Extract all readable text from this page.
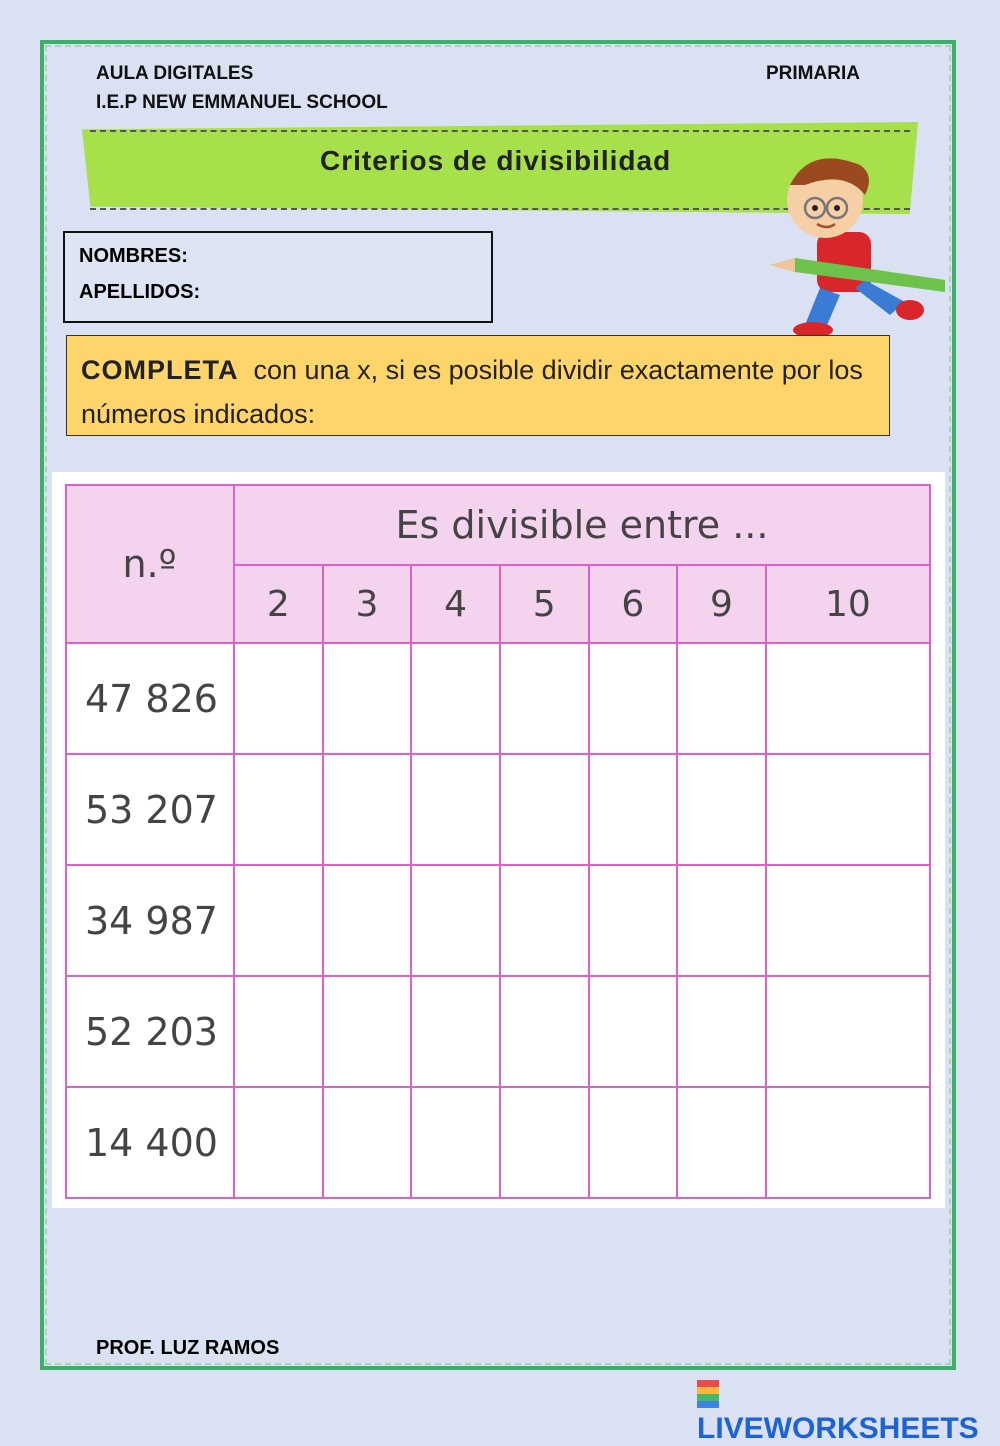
AULA DIGITALES
I.E.P NEW EMMANUEL SCHOOL
PRIMARIA
Criterios de divisibilidad
NOMBRES:
APELLIDOS:
COMPLETA con una x, si es posible dividir exactamente por los números indicados:
n.º	Es divisible entre ...						
	2	3	4	5	6	9	10
47 826							
53 207							
34 987							
52 203							
14 400							
PROF. LUZ RAMOS
LIVEWORKSHEETS
